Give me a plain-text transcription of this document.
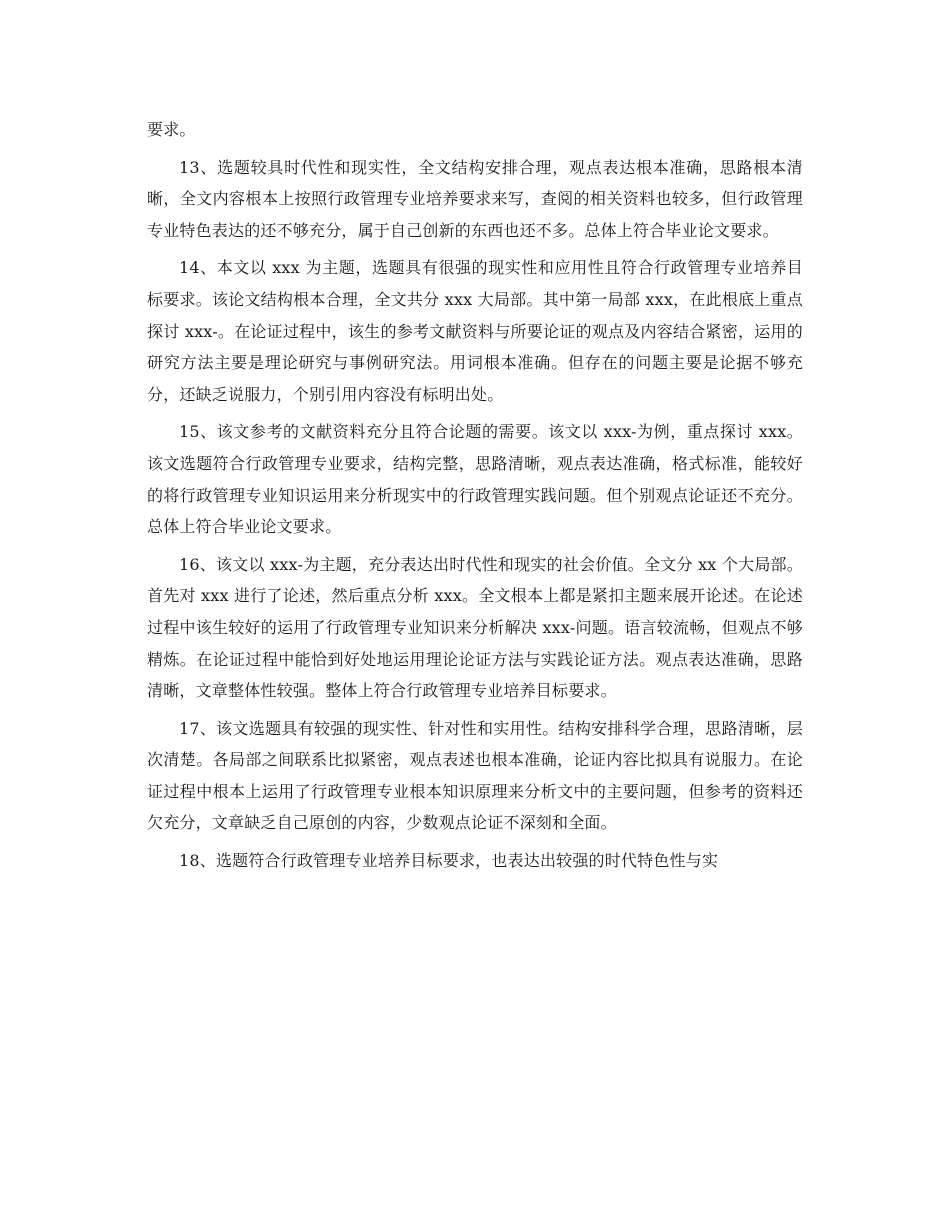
要求。

13、选题较具时代性和现实性，全文结构安排合理，观点表达根本准确，思路根本清晰，全文内容根本上按照行政管理专业培养要求来写，查阅的相关资料也较多，但行政管理专业特色表达的还不够充分，属于自己创新的东西也还不多。总体上符合毕业论文要求。

14、本文以 xxx 为主题，选题具有很强的现实性和应用性且符合行政管理专业培养目标要求。该论文结构根本合理，全文共分 xxx 大局部。其中第一局部 xxx，在此根底上重点探讨 xxx-。在论证过程中，该生的参考文献资料与所要论证的观点及内容结合紧密，运用的研究方法主要是理论研究与事例研究法。用词根本准确。但存在的问题主要是论据不够充分，还缺乏说服力，个别引用内容没有标明出处。

15、该文参考的文献资料充分且符合论题的需要。该文以 xxx-为例，重点探讨 xxx。该文选题符合行政管理专业要求，结构完整，思路清晰，观点表达准确，格式标准，能较好的将行政管理专业知识运用来分析现实中的行政管理实践问题。但个别观点论证还不充分。总体上符合毕业论文要求。

16、该文以 xxx-为主题，充分表达出时代性和现实的社会价值。全文分 xx 个大局部。首先对 xxx 进行了论述，然后重点分析 xxx。全文根本上都是紧扣主题来展开论述。在论述过程中该生较好的运用了行政管理专业知识来分析解决 xxx-问题。语言较流畅，但观点不够精炼。在论证过程中能恰到好处地运用理论论证方法与实践论证方法。观点表达准确，思路清晰，文章整体性较强。整体上符合行政管理专业培养目标要求。

17、该文选题具有较强的现实性、针对性和实用性。结构安排科学合理，思路清晰，层次清楚。各局部之间联系比拟紧密，观点表述也根本准确，论证内容比拟具有说服力。在论证过程中根本上运用了行政管理专业根本知识原理来分析文中的主要问题，但参考的资料还欠充分，文章缺乏自己原创的内容，少数观点论证不深刻和全面。

18、选题符合行政管理专业培养目标要求，也表达出较强的时代特色性与实
